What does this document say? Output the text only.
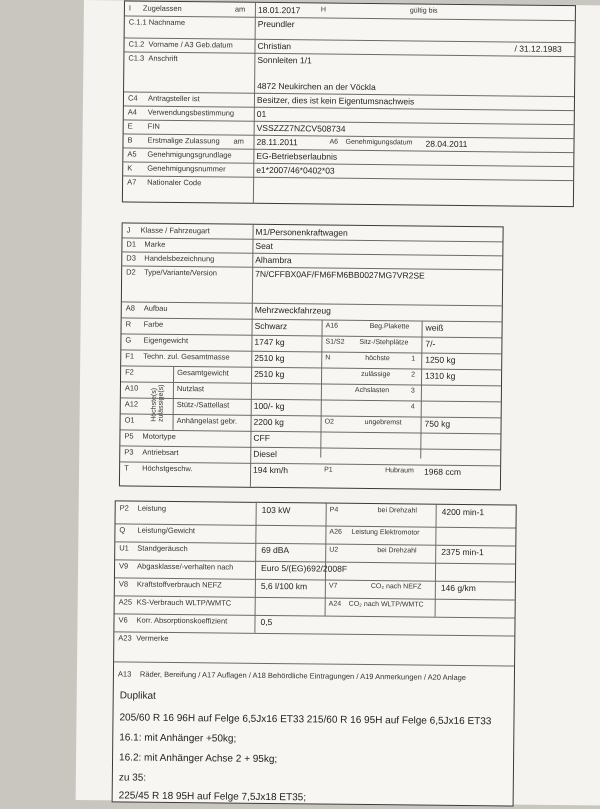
I Zugelassen	am 18.01.2017	H	gültig bis
C.1.1 Nachname	Preundler
C1.2 Vorname / A3 Geb.datum	Christian	/ 31.12.1983
C1.3 Anschrift	Sonnleiten 1/1
4872 Neukirchen an der Vöckla
C4 Antragsteller ist	Besitzer, dies ist kein Eigentumsnachweis
A4 Verwendungsbestimmung	01
E FIN	VSSZZZ7NZCV508734
B Erstmalige Zulassung am 28.11.2011	A6 Genehmigungsdatum 28.04.2011
A5 Genehmigungsgrundlage	EG-Betriebserlaubnis
K Genehmigungsnummer	e1*2007/46*0402*03
A7 Nationaler Code
J Klasse / Fahrzeugart	M1/Personenkraftwagen
D1 Marke	Seat
D3 Handelsbezeichnung	Alhambra
D2 Type/Variante/Version	7N/CFFBX0AF/FM6FM6BB0027MG7VR2SE
A8 Aufbau	Mehrzweckfahrzeug
R Farbe	Schwarz	A16	Beg.Plakette weiß
G Eigengewicht	1747 kg	S1/S2 Sitz-/Stehplätze 7/-
F1 Techn. zul. Gesamtmasse	2510 kg	N	höchste	1 1250 kg
Höchste(s) zulässige(s)
F2	Gesamtgewicht	2510 kg	zulässige	2 1310 kg
A10	Nutzlast	Achslasten	3
A12	Stütz-/Sattellast	100/- kg	4
O1	Anhängelast gebr. 2200 kg	O2	ungebremst	750 kg
P5 Motortype	CFF
P3 Antriebsart	Diesel
T Höchstgeschw.	194 km/h	P1	Hubraum 1968 ccm
P2 Leistung	103 kW	P4	bei Drehzahl	4200 min-1
Q Leistung/Gewicht	A26 Leistung Elektromotor
U1 Standgeräusch	69 dBA	U2	bei Drehzahl	2375 min-1
V9 Abgasklasse/-verhalten nach	Euro 5/(EG)692/2008F
V8 Kraftstoffverbrauch NEFZ	5,6 l/100 km	V7	CO₂ nach NEFZ 146 g/km
A25 KS-Verbrauch WLTP/WMTC	A24 CO₂ nach WLTP/WMTC
V6 Korr. Absorptionskoeffizient	0,5
A23 Vermerke
A13 Räder, Bereifung / A17 Auflagen / A18 Behördliche Eintragungen / A19 Anmerkungen / A20 Anlage
Duplikat
205/60 R 16 96H auf Felge 6,5Jx16 ET33 215/60 R 16 95H auf Felge 6,5Jx16 ET33
16.1: mit Anhänger +50kg;
16.2: mit Anhänger Achse 2 + 95kg;
zu 35:
225/45 R 18 95H auf Felge 7,5Jx18 ET35;
